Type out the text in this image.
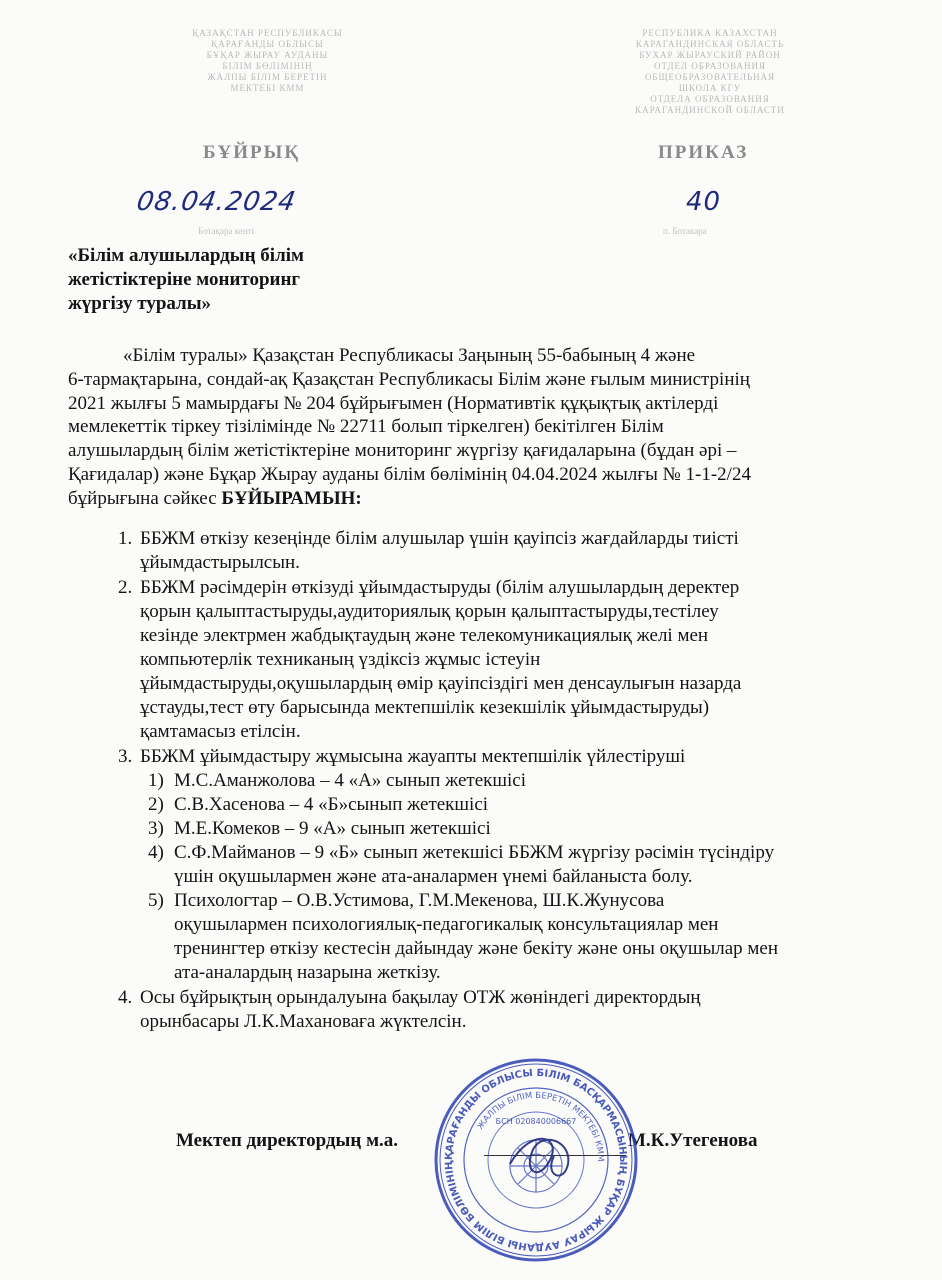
ҚАЗАҚСТАН РЕСПУБЛИКАСЫ
ҚАРАҒАНДЫ ОБЛЫСЫ
БҰҚАР ЖЫРАУ АУДАНЫ
БІЛІМ БӨЛІМІНІҢ
ЖАЛПЫ БІЛІМ БЕРЕТІН
МЕКТЕБІ КММ
РЕСПУБЛИКА КАЗАХСТАН
КАРАГАНДИНСКАЯ ОБЛАСТЬ
БУХАР ЖЫРАУСКИЙ РАЙОН
ОТДЕЛ ОБРАЗОВАНИЯ
ОБЩЕОБРАЗОВАТЕЛЬНАЯ
ШКОЛА КГУ
ОТДЕЛА ОБРАЗОВАНИЯ
КАРАГАНДИНСКОЙ ОБЛАСТИ
БҰЙРЫҚ	ПРИКАЗ
08.04.2024	40
Ботақара кенті	п. Ботакара
«Білім алушылардың білім
жетістіктеріне мониторинг
жүргізу туралы»
«Білім туралы» Қазақстан Республикасы Заңының 55-бабының 4 және
6-тармақтарына, сондай-ақ Қазақстан Республикасы Білім және ғылым министрінің
2021 жылғы 5 мамырдағы № 204 бұйрығымен (Нормативтік құқықтық актілерді
мемлекеттік тіркеу тізілімінде № 22711 болып тіркелген) бекітілген Білім
алушылардың білім жетістіктеріне мониторинг жүргізу қағидаларына (бұдан әрі –
Қағидалар) және Бұқар Жырау ауданы білім бөлімінің 04.04.2024 жылғы № 1-1-2/24
бұйрығына сәйкес БҰЙЫРАМЫН:
1. ББЖМ өткізу кезеңінде білім алушылар үшін қауіпсіз жағдайларды тиісті
ұйымдастырылсын.
2. ББЖМ рәсімдерін өткізуді ұйымдастыруды (білім алушылардың деректер
қорын қалыптастыруды,аудиториялық қорын қалыптастыруды,тестілеу
кезінде электрмен жабдықтаудың және телекомуникациялық желі мен
компьютерлік техниканың үздіксіз жұмыс істеуін
ұйымдастыруды,оқушылардың өмір қауіпсіздігі мен денсаулығын назарда
ұстауды,тест өту барысында мектепшілік кезекшілік ұйымдастыруды)
қамтамасыз етілсін.
3. ББЖМ ұйымдастыру жұмысына жауапты мектепшілік үйлестіруші
1) М.С.Аманжолова – 4 «А» сынып жетекшісі
2) С.В.Хасенова – 4 «Б»сынып жетекшісі
3) М.Е.Комеков – 9 «А» сынып жетекшісі
4) С.Ф.Майманов – 9 «Б» сынып жетекшісі ББЖМ жүргізу рәсімін түсіндіру
үшін оқушылармен және ата-аналармен үнемі байланыста болу.
5) Психологтар – О.В.Устимова, Г.М.Мекенова, Ш.К.Жунусова
оқушылармен психологиялық-педагогикалық консультациялар мен
тренингтер өткізу кестесін дайындау және бекіту және оны оқушылар мен
ата-аналардың назарына жеткізу.
4. Осы бұйрықтың орындалуына бақылау ОТЖ жөніндегі директордың
орынбасары Л.К.Махановаға жүктелсін.
Мектеп директордың м.а.	М.К.Утегенова
ҚАРАҒАНДЫ ОБЛЫСЫ БІЛІМ БАСҚАРМАСЫНЫҢ БҰҚАР ЖЫРАУ АУДАНЫ БІЛІМ БӨЛІМІНІҢ
ЖАЛПЫ БІЛІМ БЕРЕТІН МЕКТЕБІ КММ
БСН 020840006667
